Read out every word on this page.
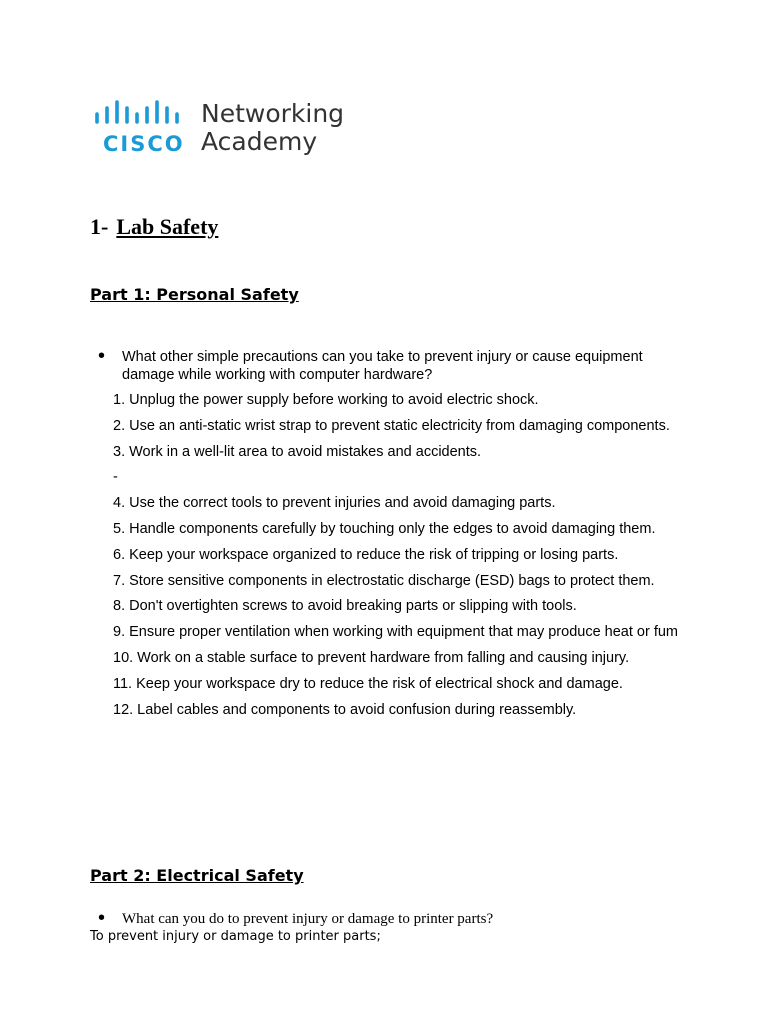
CISCO
Networking
Academy
1- Lab Safety
Part 1: Personal Safety
• What other simple precautions can you take to prevent injury or cause equipment damage while working with computer hardware?
1. Unplug the power supply before working to avoid electric shock.
2. Use an anti-static wrist strap to prevent static electricity from damaging components.
3. Work in a well-lit area to avoid mistakes and accidents.
-
4. Use the correct tools to prevent injuries and avoid damaging parts.
5. Handle components carefully by touching only the edges to avoid damaging them.
6. Keep your workspace organized to reduce the risk of tripping or losing parts.
7. Store sensitive components in electrostatic discharge (ESD) bags to protect them.
8. Don't overtighten screws to avoid breaking parts or slipping with tools.
9. Ensure proper ventilation when working with equipment that may produce heat or fum
10. Work on a stable surface to prevent hardware from falling and causing injury.
11. Keep your workspace dry to reduce the risk of electrical shock and damage.
12. Label cables and components to avoid confusion during reassembly.
Part 2: Electrical Safety
• What can you do to prevent injury or damage to printer parts?
To prevent injury or damage to printer parts;
